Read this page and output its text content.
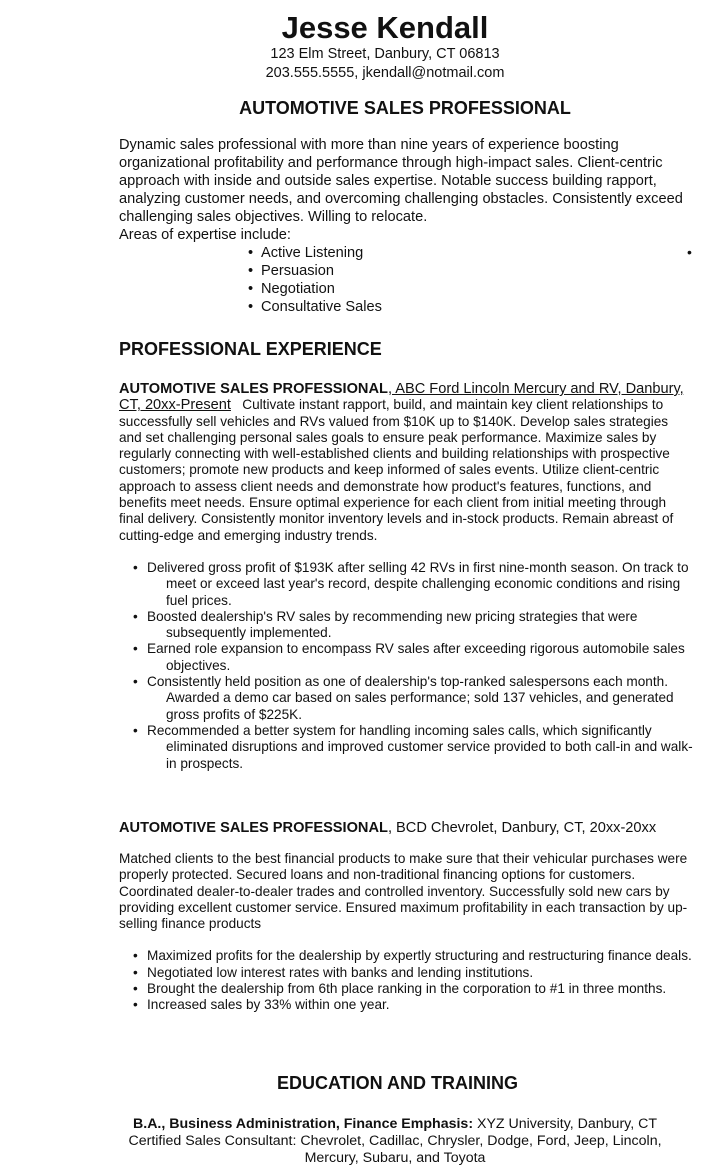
Jesse Kendall
123 Elm Street, Danbury, CT 06813
203.555.5555, jkendall@notmail.com
AUTOMOTIVE SALES PROFESSIONAL
Dynamic sales professional with more than nine years of experience boosting organizational profitability and performance through high-impact sales. Client-centric approach with inside and outside sales expertise. Notable success building rapport, analyzing customer needs, and overcoming challenging obstacles. Consistently exceed challenging sales objectives. Willing to relocate.
Areas of expertise include:
• Active Listening
• Persuasion
• Negotiation
• Consultative Sales
•
PROFESSIONAL EXPERIENCE
AUTOMOTIVE SALES PROFESSIONAL, ABC Ford Lincoln Mercury and RV, Danbury, CT, 20xx-Present Cultivate instant rapport, build, and maintain key client relationships to successfully sell vehicles and RVs valued from $10K up to $140K. Develop sales strategies and set challenging personal sales goals to ensure peak performance. Maximize sales by regularly connecting with well-established clients and building relationships with prospective customers; promote new products and keep informed of sales events. Utilize client-centric approach to assess client needs and demonstrate how product's features, functions, and benefits meet needs. Ensure optimal experience for each client from initial meeting through final delivery. Consistently monitor inventory levels and in-stock products. Remain abreast of cutting-edge and emerging industry trends.
• Delivered gross profit of $193K after selling 42 RVs in first nine-month season. On track to meet or exceed last year's record, despite challenging economic conditions and rising fuel prices.
• Boosted dealership's RV sales by recommending new pricing strategies that were subsequently implemented.
• Earned role expansion to encompass RV sales after exceeding rigorous automobile sales objectives.
• Consistently held position as one of dealership's top-ranked salespersons each month. Awarded a demo car based on sales performance; sold 137 vehicles, and generated gross profits of $225K.
• Recommended a better system for handling incoming sales calls, which significantly eliminated disruptions and improved customer service provided to both call-in and walk-in prospects.
AUTOMOTIVE SALES PROFESSIONAL, BCD Chevrolet, Danbury, CT, 20xx-20xx
Matched clients to the best financial products to make sure that their vehicular purchases were properly protected. Secured loans and non-traditional financing options for customers. Coordinated dealer-to-dealer trades and controlled inventory. Successfully sold new cars by providing excellent customer service. Ensured maximum profitability in each transaction by up-selling finance products
• Maximized profits for the dealership by expertly structuring and restructuring finance deals.
• Negotiated low interest rates with banks and lending institutions.
• Brought the dealership from 6th place ranking in the corporation to #1 in three months.
• Increased sales by 33% within one year.
EDUCATION AND TRAINING
B.A., Business Administration, Finance Emphasis: XYZ University, Danbury, CT
Certified Sales Consultant: Chevrolet, Cadillac, Chrysler, Dodge, Ford, Jeep, Lincoln, Mercury, Subaru, and Toyota
